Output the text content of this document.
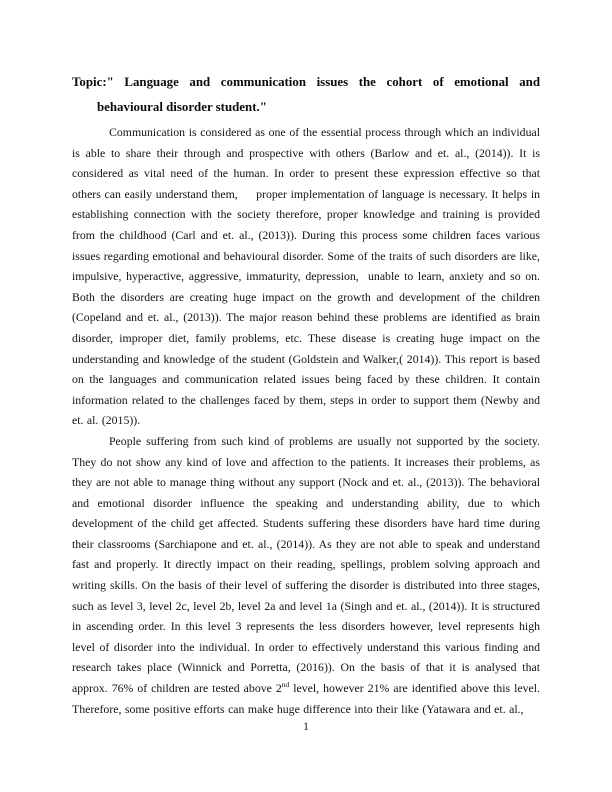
Topic:" Language and communication issues the cohort of emotional and behavioural disorder student."

Communication is considered as one of the essential process through which an individual is able to share their through and prospective with others (Barlow and et. al., (2014)). It is considered as vital need of the human. In order to present these expression effective so that others can easily understand them,     proper implementation of language is necessary. It helps in establishing connection with the society therefore, proper knowledge and training is provided from the childhood (Carl and et. al., (2013)). During this process some children faces various issues regarding emotional and behavioural disorder. Some of the traits of such disorders are like, impulsive, hyperactive, aggressive, immaturity, depression,  unable to learn, anxiety and so on. Both the disorders are creating huge impact on the growth and development of the children (Copeland and et. al., (2013)). The major reason behind these problems are identified as brain disorder, improper diet, family problems, etc. These disease is creating huge impact on the understanding and knowledge of the student (Goldstein and Walker,( 2014)). This report is based on the languages and communication related issues being faced by these children. It contain information related to the challenges faced by them, steps in order to support them (Newby and et. al. (2015)).

People suffering from such kind of problems are usually not supported by the society. They do not show any kind of love and affection to the patients. It increases their problems, as they are not able to manage thing without any support (Nock and et. al., (2013)). The behavioral and emotional disorder influence the speaking and understanding ability, due to which development of the child get affected. Students suffering these disorders have hard time during their classrooms (Sarchiapone and et. al., (2014)). As they are not able to speak and understand fast and properly. It directly impact on their reading, spellings, problem solving approach and writing skills. On the basis of their level of suffering the disorder is distributed into three stages, such as level 3, level 2c, level 2b, level 2a and level 1a (Singh and et. al., (2014)). It is structured in ascending order. In this level 3 represents the less disorders however, level represents high level of disorder into the individual. In order to effectively understand this various finding and research takes place (Winnick and Porretta, (2016)). On the basis of that it is analysed that approx. 76% of children are tested above 2nd level, however 21% are identified above this level. Therefore, some positive efforts can make huge difference into their like (Yatawara and et. al.,

1
